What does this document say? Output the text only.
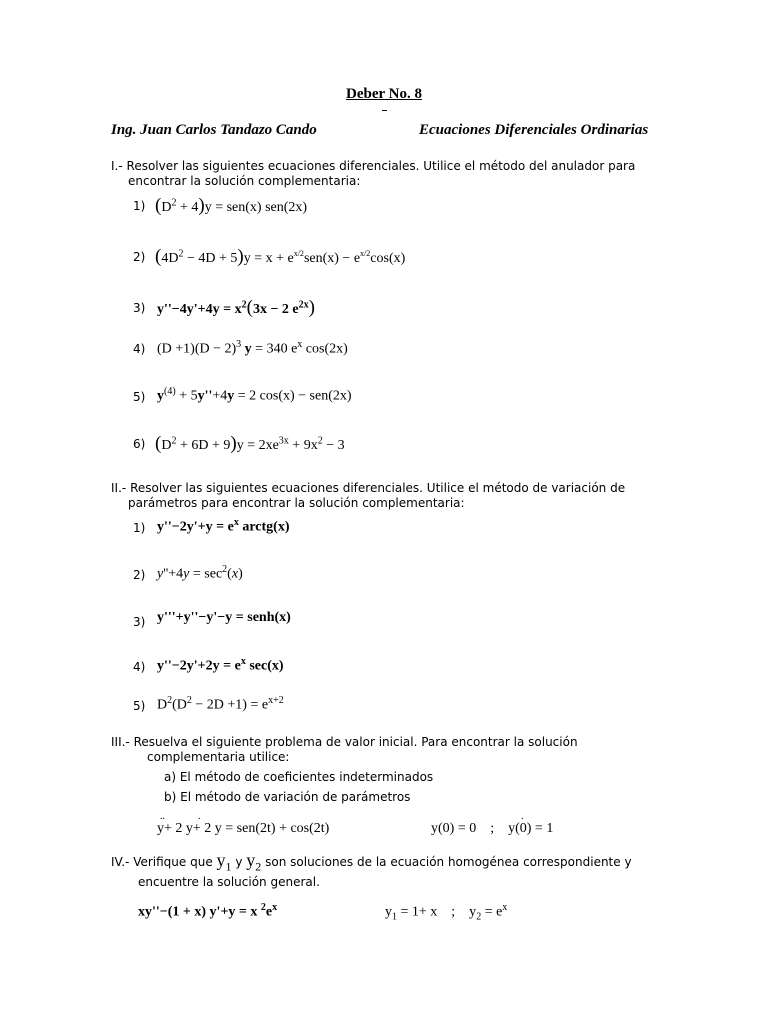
Deber No. 8
Ing. Juan Carlos Tandazo Cando	Ecuaciones Diferenciales Ordinarias
I.- Resolver las siguientes ecuaciones diferenciales. Utilice el método del anulador para
encontrar la solución complementaria:
1) $(D^2 + 4)y = sen(x)$ sen(2x)
2) $(4D^2 - 4D + 5)y = x + e^{x/2}sen(x) - e^{x/2}\cos(x)$
3) $y''-4y'+4y = x^2(3x - 2$ $e^{2x}$)
4) $(D +1)(D - 2)^3$ y = 340 $e^x$ cos(2x)
5) $y^{(4)} + 5y''+4y = 2$ cos(x) − sen(2x)
6) $(D^2 + 6D + 9)y = 2xe^{3x} + 9x^2 - 3$
II.- Resolver las siguientes ecuaciones diferenciales. Utilice el método de variación de
parámetros para encontrar la solución complementaria:
1) $y''-2y'+y = e^x$ arctg(x)
2) $y''+4y = \sec^2(x)$
3) y'''+y''−y'−y = senh(x)
4) $y''-2y'+2y = e^x$ sec(x)
5) $D^2(D^2 - 2D +1) = e^{x+2}$
III.- Resuelva el siguiente problema de valor inicial. Para encontrar la solución
complementaria utilice:
a) El método de coeficientes indeterminados
b) El método de variación de parámetros
..	.
y+ 2 y+ 2 y = sen(2t) + cos(2t)
.
y(0) = 0    ;    y(0) = 1
IV.- Verifique que $y_1$ y $y_2$ son soluciones de la ecuación homogénea correspondiente y
encuentre la solución general.
xy''−(1 + x) y'+y = x $^2e^x$	$y_1 = 1+ x$    ;    $y_2 = e^x$
